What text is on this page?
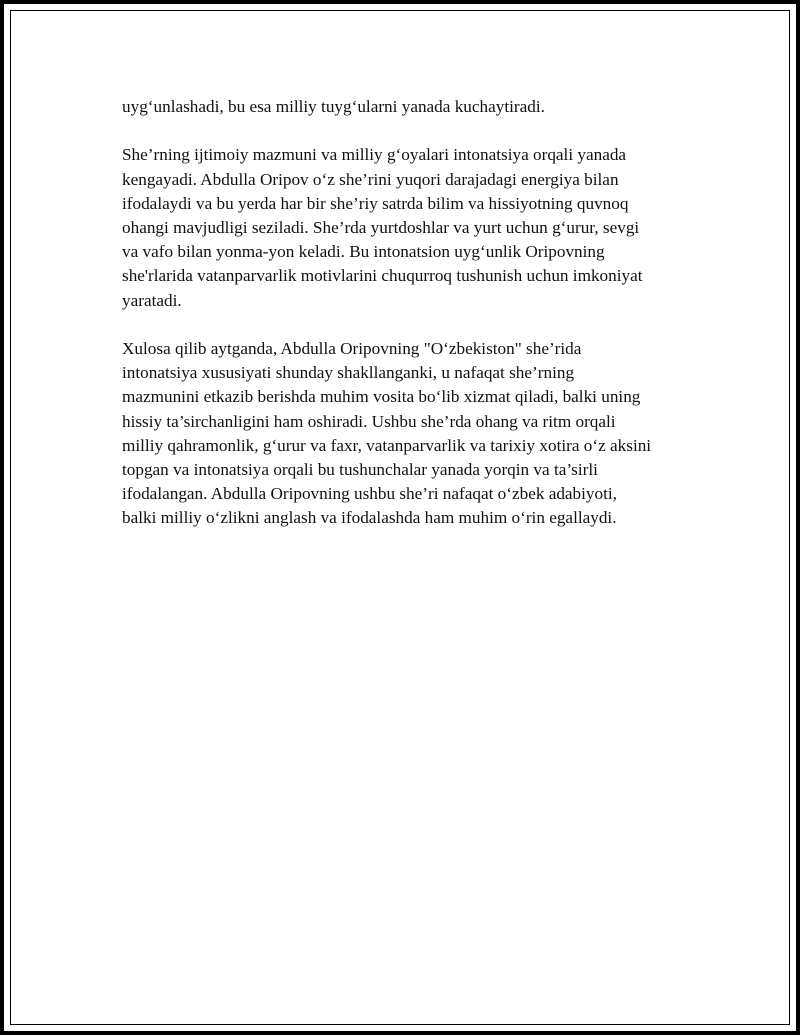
uyg‘unlashadi, bu esa milliy tuyg‘ularni yanada kuchaytiradi.

She’rning ijtimoiy mazmuni va milliy g‘oyalari intonatsiya orqali yanada
kengayadi. Abdulla Oripov o‘z she’rini yuqori darajadagi energiya bilan
ifodalaydi va bu yerda har bir she’riy satrda bilim va hissiyotning quvnoq
ohangi mavjudligi seziladi. She’rda yurtdoshlar va yurt uchun g‘urur, sevgi
va vafo bilan yonma-yon keladi. Bu intonatsion uyg‘unlik Oripovning
she'rlarida vatanparvarlik motivlarini chuqurroq tushunish uchun imkoniyat
yaratadi.

Xulosa qilib aytganda, Abdulla Oripovning "O‘zbekiston" she’rida
intonatsiya xususiyati shunday shakllanganki, u nafaqat she’rning
mazmunini etkazib berishda muhim vosita bo‘lib xizmat qiladi, balki uning
hissiy ta’sirchanligini ham oshiradi. Ushbu she’rda ohang va ritm orqali
milliy qahramonlik, g‘urur va faxr, vatanparvarlik va tarixiy xotira o‘z aksini
topgan va intonatsiya orqali bu tushunchalar yanada yorqin va ta’sirli
ifodalangan. Abdulla Oripovning ushbu she’ri nafaqat o‘zbek adabiyoti,
balki milliy o‘zlikni anglash va ifodalashda ham muhim o‘rin egallaydi.
